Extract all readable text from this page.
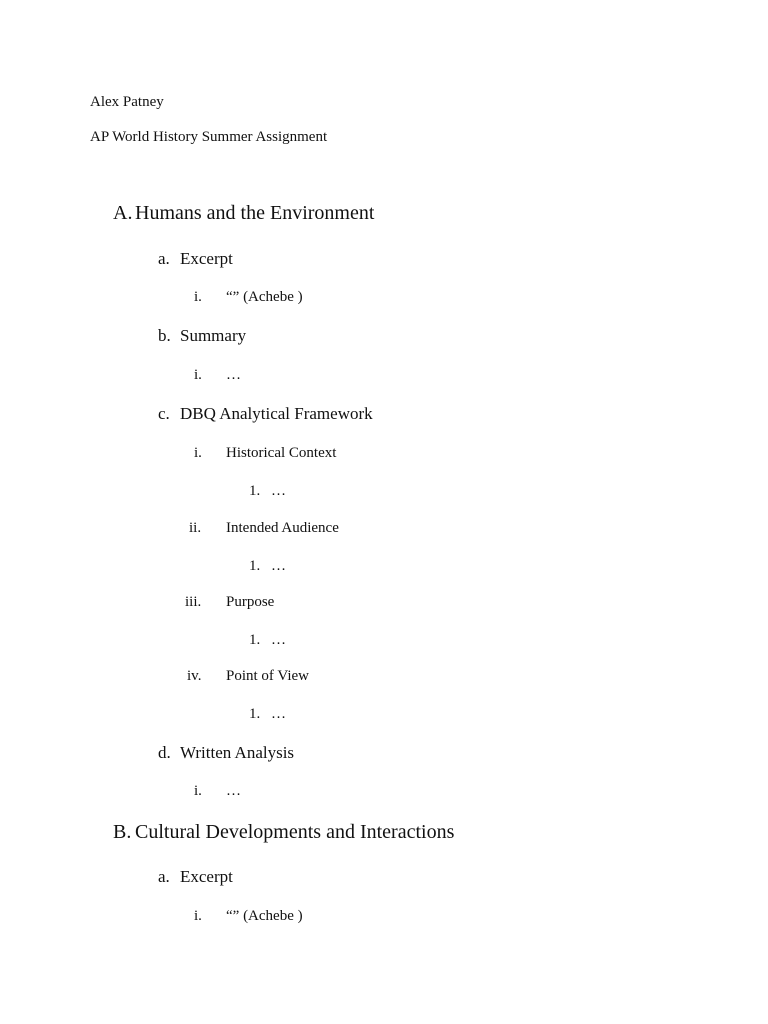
Alex Patney
AP World History Summer Assignment
A. Humans and the Environment
a. Excerpt
i. “” (Achebe )
b. Summary
i. …
c. DBQ Analytical Framework
i. Historical Context
1. …
ii. Intended Audience
1. …
iii. Purpose
1. …
iv. Point of View
1. …
d. Written Analysis
i. …
B. Cultural Developments and Interactions
a. Excerpt
i. “” (Achebe )
